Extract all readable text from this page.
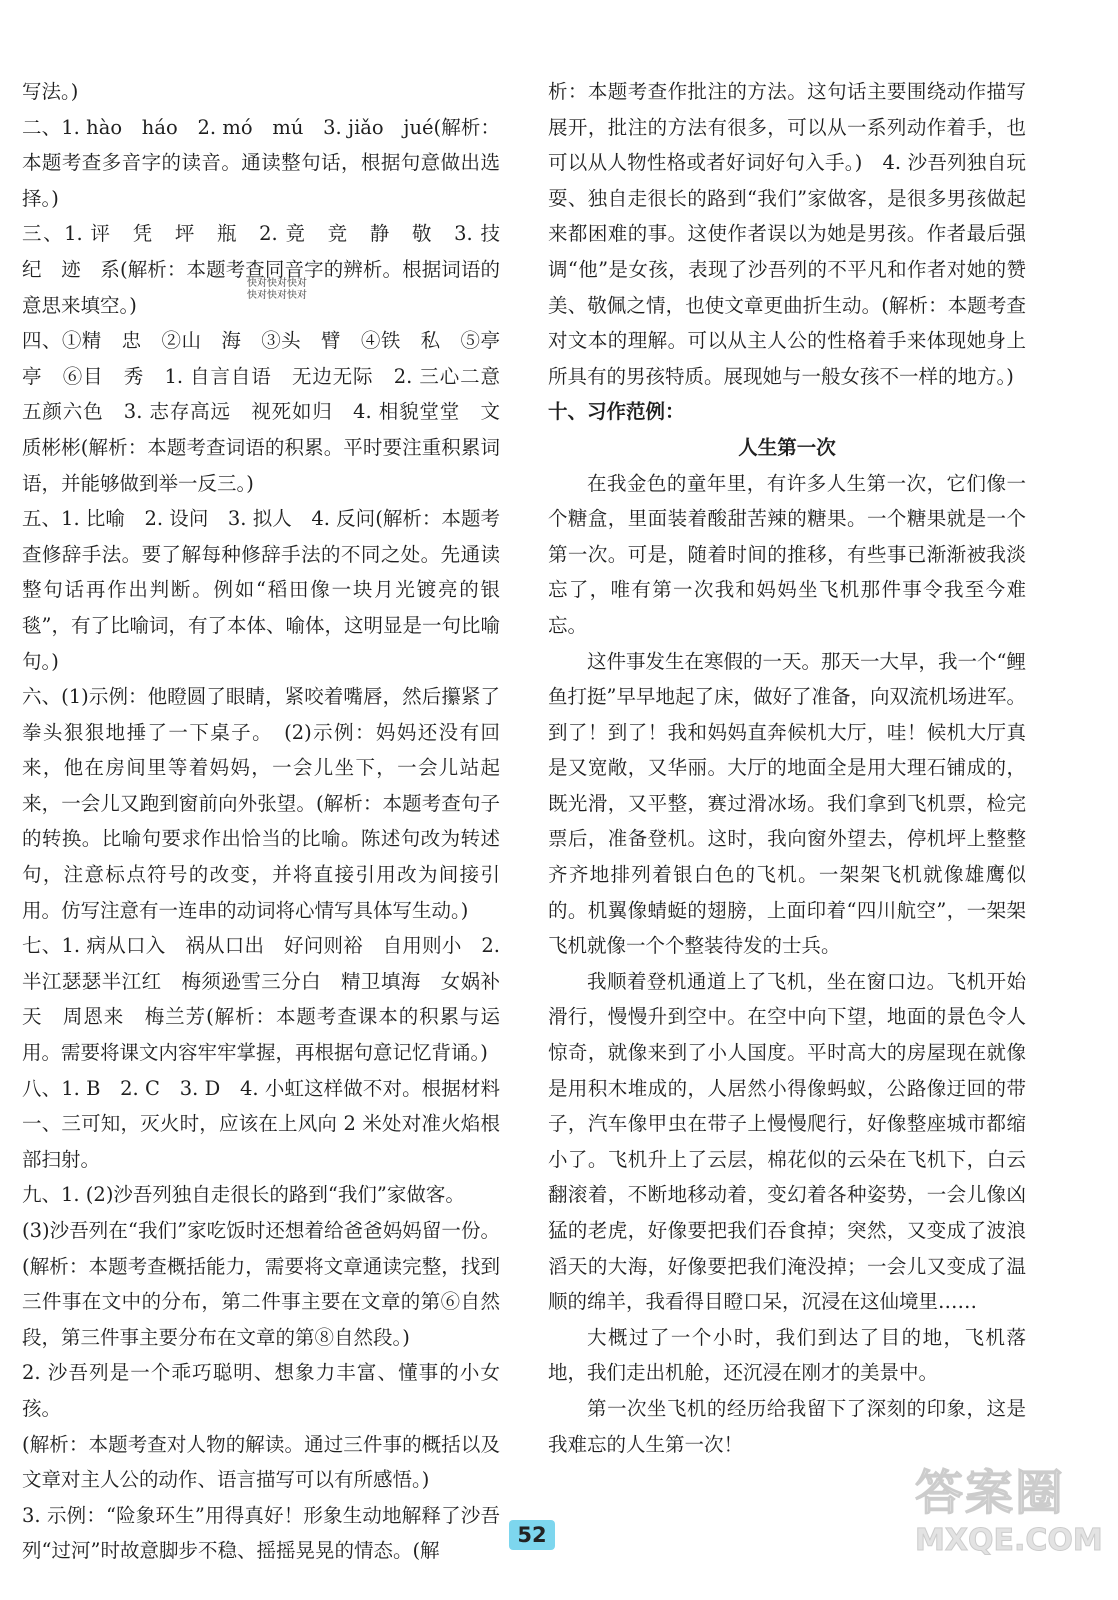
写法。)

二、1. hào　háo　2. mó　mú　3. jiǎo　jué(解析：本题考查多音字的读音。通读整句话，根据句意做出选择。)

三、1. 评　凭　坪　瓶　2. 竟　竞　静　敬　3. 技　纪　迹　系(解析：本题考查同音字的辨析。根据词语的意思来填空。)

四、①精　忠　②山　海　③头　臂　④铁　私　⑤亭亭　⑥目　秀　1. 自言自语　无边无际　2. 三心二意　五颜六色　3. 志存高远　视死如归　4. 相貌堂堂　文质彬彬(解析：本题考查词语的积累。平时要注重积累词语，并能够做到举一反三。)

五、1. 比喻　2. 设问　3. 拟人　4. 反问(解析：本题考查修辞手法。要了解每种修辞手法的不同之处。先通读整句话再作出判断。例如“稻田像一块月光镀亮的银毯”，有了比喻词，有了本体、喻体，这明显是一句比喻句。)

六、(1)示例：他瞪圆了眼睛，紧咬着嘴唇，然后攥紧了拳头狠狠地捶了一下桌子。　(2)示例：妈妈还没有回来，他在房间里等着妈妈，一会儿坐下，一会儿站起来，一会儿又跑到窗前向外张望。(解析：本题考查句子的转换。比喻句要求作出恰当的比喻。陈述句改为转述句，注意标点符号的改变，并将直接引用改为间接引用。仿写注意有一连串的动词将心情写具体写生动。)

七、1. 病从口入　祸从口出　好问则裕　自用则小　2. 半江瑟瑟半江红　梅须逊雪三分白　精卫填海　女娲补天　周恩来　梅兰芳(解析：本题考查课本的积累与运用。需要将课文内容牢牢掌握，再根据句意记忆背诵。)

八、1. B　2. C　3. D　4. 小虹这样做不对。根据材料一、三可知，灭火时，应该在上风向 2 米处对准火焰根部扫射。

九、1. (2)沙吾列独自走很长的路到“我们”家做客。

(3)沙吾列在“我们”家吃饭时还想着给爸爸妈妈留一份。(解析：本题考查概括能力，需要将文章通读完整，找到三件事在文中的分布，第二件事主要在文章的第⑥自然段，第三件事主要分布在文章的第⑧自然段。)

2. 沙吾列是一个乖巧聪明、想象力丰富、懂事的小女孩。

(解析：本题考查对人物的解读。通过三件事的概括以及文章对主人公的动作、语言描写可以有所感悟。)

3. 示例：“险象环生”用得真好！形象生动地解释了沙吾列“过河”时故意脚步不稳、摇摇晃晃的情态。(解

快对快对快对
快对快对快对

析：本题考查作批注的方法。这句话主要围绕动作描写展开，批注的方法有很多，可以从一系列动作着手，也可以从人物性格或者好词好句入手。)　4. 沙吾列独自玩耍、独自走很长的路到“我们”家做客，是很多男孩做起来都困难的事。这使作者误以为她是男孩。作者最后强调“他”是女孩，表现了沙吾列的不平凡和作者对她的赞美、敬佩之情，也使文章更曲折生动。(解析：本题考查对文本的理解。可以从主人公的性格着手来体现她身上所具有的男孩特质。展现她与一般女孩不一样的地方。)

十、习作范例：

人生第一次

在我金色的童年里，有许多人生第一次，它们像一个糖盒，里面装着酸甜苦辣的糖果。一个糖果就是一个第一次。可是，随着时间的推移，有些事已渐渐被我淡忘了，唯有第一次我和妈妈坐飞机那件事令我至今难忘。

这件事发生在寒假的一天。那天一大早，我一个“鲤鱼打挺”早早地起了床，做好了准备，向双流机场进军。到了！到了！我和妈妈直奔候机大厅，哇！候机大厅真是又宽敞，又华丽。大厅的地面全是用大理石铺成的，既光滑，又平整，赛过滑冰场。我们拿到飞机票，检完票后，准备登机。这时，我向窗外望去，停机坪上整整齐齐地排列着银白色的飞机。一架架飞机就像雄鹰似的。机翼像蜻蜓的翅膀，上面印着“四川航空”，一架架飞机就像一个个整装待发的士兵。

我顺着登机通道上了飞机，坐在窗口边。飞机开始滑行，慢慢升到空中。在空中向下望，地面的景色令人惊奇，就像来到了小人国度。平时高大的房屋现在就像是用积木堆成的，人居然小得像蚂蚁，公路像迂回的带子，汽车像甲虫在带子上慢慢爬行，好像整座城市都缩小了。飞机升上了云层，棉花似的云朵在飞机下，白云翻滚着，不断地移动着，变幻着各种姿势，一会儿像凶猛的老虎，好像要把我们吞食掉；突然，又变成了波浪滔天的大海，好像要把我们淹没掉；一会儿又变成了温顺的绵羊，我看得目瞪口呆，沉浸在这仙境里……

大概过了一个小时，我们到达了目的地，飞机落地，我们走出机舱，还沉浸在刚才的美景中。

第一次坐飞机的经历给我留下了深刻的印象，这是我难忘的人生第一次！

52
答案圈
MXQE.COM
